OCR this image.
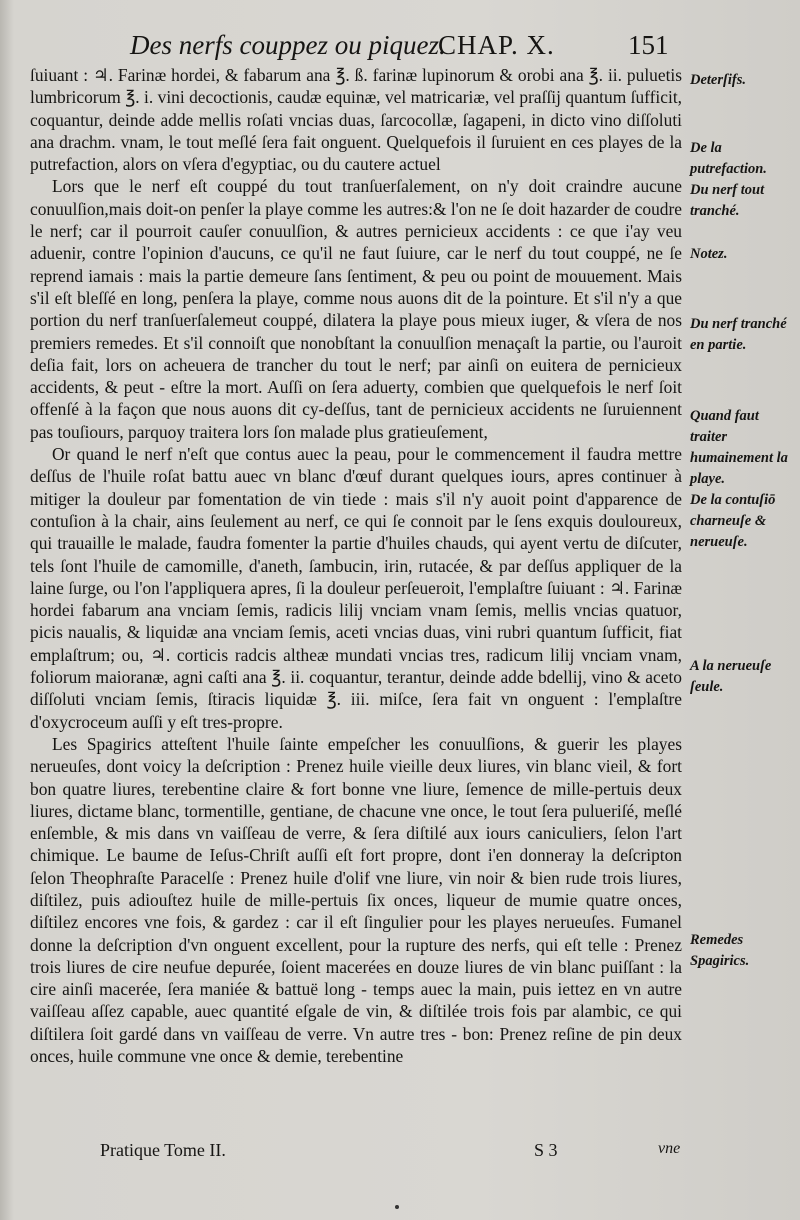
Des nerfs couppez ou piquez.
CHAP. X.	151

ſuiuant : ♃. Farinæ hordei, & fabarum ana ℥. ß. farinæ lupinorum & orobi ana ℥. ii. puluetis lumbricorum ℥. i. vini decoctionis, caudæ equinæ, vel matricariæ, vel praſſij quantum ſufficit, coquantur, deinde adde mellis roſati vncias duas, ſarcocollæ, ſagapeni, in dicto vino diſſoluti ana drachm. vnam, le tout meſlé ſera fait onguent. Quelquefois il ſuruient en ces playes de la putrefaction, alors on vſera d'egyptiac, ou du cautere actuel

Lors que le nerf eſt couppé du tout tranſuerſalement, on n'y doit craindre aucune conuulſion,mais doit-on penſer la playe comme les autres:& l'on ne ſe doit hazarder de coudre le nerf; car il pourroit cauſer conuulſion, & autres pernicieux accidents : ce que i'ay veu aduenir, contre l'opinion d'aucuns, ce qu'il ne faut ſuiure, car le nerf du tout couppé, ne ſe reprend iamais : mais la partie demeure ſans ſentiment, & peu ou point de mouuement. Mais s'il eſt bleſſé en long, penſera la playe, comme nous auons dit de la pointure. Et s'il n'y a que portion du nerf tranſuerſalemeut couppé, dilatera la playe pous mieux iuger, & vſera de nos premiers remedes. Et s'il connoiſt que nonobſtant la conuulſion menaçaſt la partie, ou l'auroit deſia fait, lors on acheuera de trancher du tout le nerf; par ainſi on euitera de pernicieux accidents, & peut - eſtre la mort. Auſſi on ſera aduerty, combien que quelquefois le nerf ſoit offenſé à la façon que nous auons dit cy-deſſus, tant de pernicieux accidents ne ſuruiennent pas touſiours, parquoy traitera lors ſon malade plus gratieuſement,

Or quand le nerf n'eſt que contus auec la peau, pour le commencement il faudra mettre deſſus de l'huile roſat battu auec vn blanc d'œuf durant quelques iours, apres continuer à mitiger la douleur par fomentation de vin tiede : mais s'il n'y auoit point d'apparence de contuſion à la chair, ains ſeulement au nerf, ce qui ſe connoit par le ſens exquis douloureux, qui trauaille le malade, faudra fomenter la partie d'huiles chauds, qui ayent vertu de diſcuter, tels ſont l'huile de camomille, d'aneth, ſambucin, irin, rutacée, & par deſſus appliquer de la laine ſurge, ou l'on l'appliquera apres, ſi la douleur perſeueroit, l'emplaſtre ſuiuant : ♃. Farinæ hordei fabarum ana vnciam ſemis, radicis lilij vnciam vnam ſemis, mellis vncias quatuor, picis naualis, & liquidæ ana vnciam ſemis, aceti vncias duas, vini rubri quantum ſufficit, fiat emplaſtrum; ou, ♃. corticis radcis altheæ mundati vncias tres, radicum lilij vnciam vnam, foliorum maioranæ, agni caſti ana ℥. ii. coquantur, terantur, deinde adde bdellij, vino & aceto diſſoluti vnciam ſemis, ſtiracis liquidæ ℥. iii. miſce, ſera fait vn onguent : l'emplaſtre d'oxycroceum auſſi y eſt tres-propre.

Les Spagirics atteſtent l'huile ſainte empeſcher les conuulſions, & guerir les playes nerueuſes, dont voicy la deſcription : Prenez huile vieille deux liures, vin blanc vieil, & fort bon quatre liures, terebentine claire & fort bonne vne liure, ſemence de mille-pertuis deux liures, dictame blanc, tormentille, gentiane, de chacune vne once, le tout ſera pulueriſé, meſlé enſemble, & mis dans vn vaiſſeau de verre, & ſera diſtilé aux iours caniculiers, ſelon l'art chimique. Le baume de Ieſus-Chriſt auſſi eſt fort propre, dont i'en donneray la deſcripton ſelon Theophraſte Paracelſe : Prenez huile d'olif vne liure, vin noir & bien rude trois liures, diſtilez, puis adiouſtez huile de mille-pertuis ſix onces, liqueur de mumie quatre onces, diſtilez encores vne fois, & gardez : car il eſt ſingulier pour les playes nerueuſes. Fumanel donne la deſcription d'vn onguent excellent, pour la rupture des nerfs, qui eſt telle : Prenez trois liures de cire neufue depurée, ſoient macerées en douze liures de vin blanc puiſſant : la cire ainſi macerée, ſera maniée & battuë long - temps auec la main, puis iettez en vn autre vaiſſeau aſſez capable, auec quantité eſgale de vin, & diſtilée trois fois par alambic, ce qui diſtilera ſoit gardé dans vn vaiſſeau de verre. Vn autre tres - bon: Prenez reſine de pin deux onces, huile commune vne once & demie, terebentine

Deterſifs.
De la putrefaction.
Du nerf tout tranché.
Notez.
Du nerf tranché en partie.
Quand faut traiter humainement la playe.
De la contuſiō charneuſe & nerueuſe.
A la nerueuſe ſeule.
Remedes Spagirics.
Pratique Tome II.	S 3	vne
